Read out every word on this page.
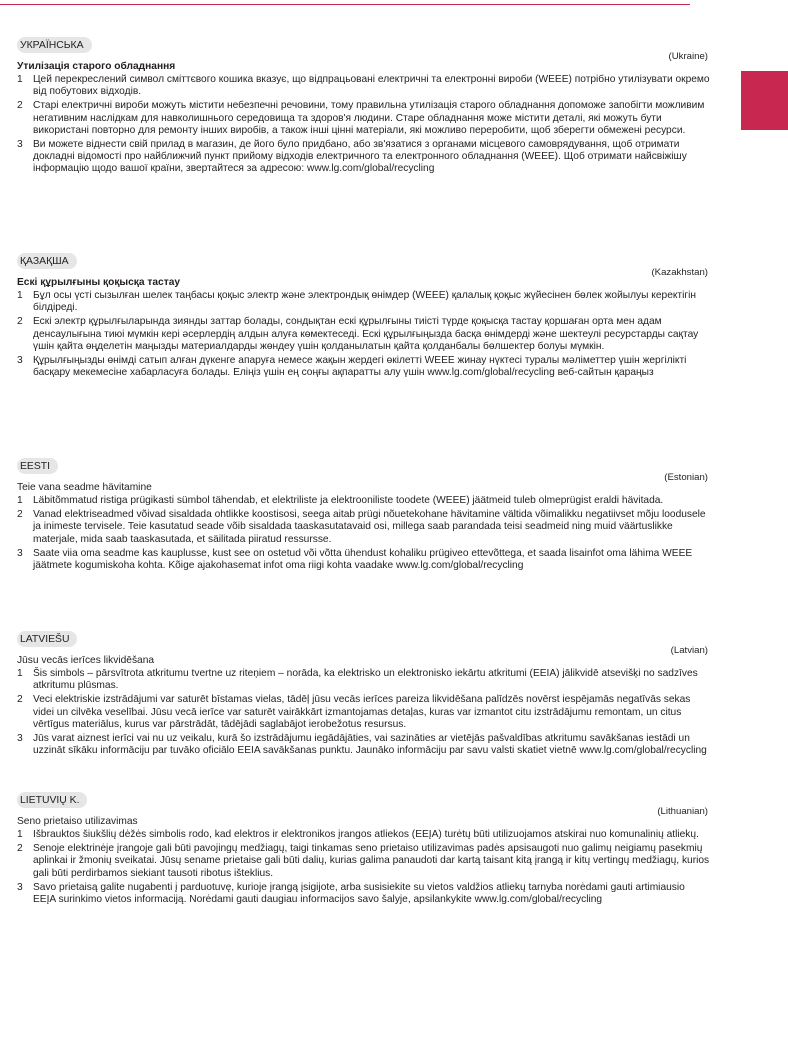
УКРАЇНСЬКА
(Ukraine)
Утилізація старого обладнання
1 Цей перекреслений символ сміттєвого кошика вказує, що відпрацьовані електричні та електронні вироби (WEEE) потрібно утилізувати окремо від побутових відходів.
2 Старі електричні вироби можуть містити небезпечні речовини, тому правильна утилізація старого обладнання допоможе запобігти можливим негативним наслідкам для навколишнього середовища та здоров'я людини. Старе обладнання може містити деталі, які можуть бути використані повторно для ремонту інших виробів, а також інші цінні матеріали, які можливо переробити, щоб зберегти обмежені ресурси.
3 Ви можете віднести свій прилад в магазин, де його було придбано, або зв'язатися з органами місцевого самоврядування, щоб отримати докладні відомості про найближчий пункт прийому відходів електричного та електронного обладнання (WEEE). Щоб отримати найсвіжішу інформацію щодо вашої країни, звертайтеся за адресою: www.lg.com/global/recycling
ҚАЗАҚША
(Kazakhstan)
Ескі құрылғыны қоқысқа тастау
1 Бұл осы үсті сызылған шелек таңбасы қоқыс электр және электрондық өнімдер (WEEE) қалалық қоқыс жүйесінен бөлек жойылуы керектігін білдіреді.
2 Ескі электр құрылғыларында зиянды заттар болады, сондықтан ескі құрылғыны тиісті түрде қоқысқа тастау қоршаған орта мен адам денсаулығына тиюі мүмкін кері әсерлердің алдын алуға көмектеседі. Ескі құрылғыңызда басқа өнімдерді және шектеулі ресурстарды сақтау үшін қайта өңделетін маңызды материалдарды жөндеу үшін қолданылатын қайта қолданбалы бөлшектер болуы мүмкін.
3 Құрылғыңызды өнімді сатып алған дүкенге апаруға немесе жақын жердегі өкілетті WEEE жинау нүктесі туралы мәліметтер үшін жергілікті басқару мекемесіне хабарласуға болады. Еліңіз үшін ең соңғы ақпаратты алу үшін www.lg.com/global/recycling веб-сайтын қараңыз
EESTI
(Estonian)
Teie vana seadme hävitamine
1 Läbitõmmatud ristiga prügikasti sümbol tähendab, et elektriliste ja elektrooniliste toodete (WEEE) jäätmeid tuleb olmeprügist eraldi hävitada.
2 Vanad elektriseadmed võivad sisaldada ohtlikke koostisosi, seega aitab prügi nõuetekohane hävitamine vältida võimalikku negatiivset mõju loodusele ja inimeste tervisele. Teie kasutatud seade võib sisaldada taaskasutatavaid osi, millega saab parandada teisi seadmeid ning muid väärtuslikke materjale, mida saab taaskasutada, et säilitada piiratud ressursse.
3 Saate viia oma seadme kas kauplusse, kust see on ostetud või võtta ühendust kohaliku prügiveo ettevõttega, et saada lisainfot oma lähima WEEE jäätmete kogumiskoha kohta. Kõige ajakohasemat infot oma riigi kohta vaadake www.lg.com/global/recycling
LATVIEŠU
(Latvian)
Jūsu vecās ierīces likvidēšana
1 Šis simbols – pārsvītrota atkritumu tvertne uz riteņiem – norāda, ka elektrisko un elektronisko iekārtu atkritumi (EEIA) jālikvidē atsevišķi no sadzīves atkritumu plūsmas.
2 Veci elektriskie izstrādājumi var saturēt bīstamas vielas, tādēļ jūsu vecās ierīces pareiza likvidēšana palīdzēs novērst iespējamās negatīvās sekas videi un cilvēka veselībai. Jūsu vecā ierīce var saturēt vairākkārt izmantojamas detaļas, kuras var izmantot citu izstrādājumu remontam, un citus vērtīgus materiālus, kurus var pārstrādāt, tādējādi saglabājot ierobežotus resursus.
3 Jūs varat aiznest ierīci vai nu uz veikalu, kurā šo izstrādājumu iegādājāties, vai sazināties ar vietējās pašvaldības atkritumu savākšanas iestādi un uzzināt sīkāku informāciju par tuvāko oficiālo EEIA savākšanas punktu. Jaunāko informāciju par savu valsti skatiet vietnē www.lg.com/global/recycling
LIETUVIŲ K.
(Lithuanian)
Seno prietaiso utilizavimas
1 Išbrauktos šiukšlių dėžės simbolis rodo, kad elektros ir elektronikos įrangos atliekos (EEĮA) turėtų būti utilizuojamos atskirai nuo komunalinių atliekų.
2 Senoje elektrinėje įrangoje gali būti pavojingų medžiagų, taigi tinkamas seno prietaiso utilizavimas padės apsisaugoti nuo galimų neigiamų pasekmių aplinkai ir žmonių sveikatai. Jūsų sename prietaise gali būti dalių, kurias galima panaudoti dar kartą taisant kitą įrangą ir kitų vertingų medžiagų, kurios gali būti perdirbamos siekiant tausoti ribotus išteklius.
3 Savo prietaisą galite nugabenti į parduotuvę, kurioje įrangą įsigijote, arba susisiekite su vietos valdžios atliekų tarnyba norėdami gauti artimiausio EEĮA surinkimo vietos informaciją. Norėdami gauti daugiau informacijos savo šalyje, apsilankykite www.lg.com/global/recycling
